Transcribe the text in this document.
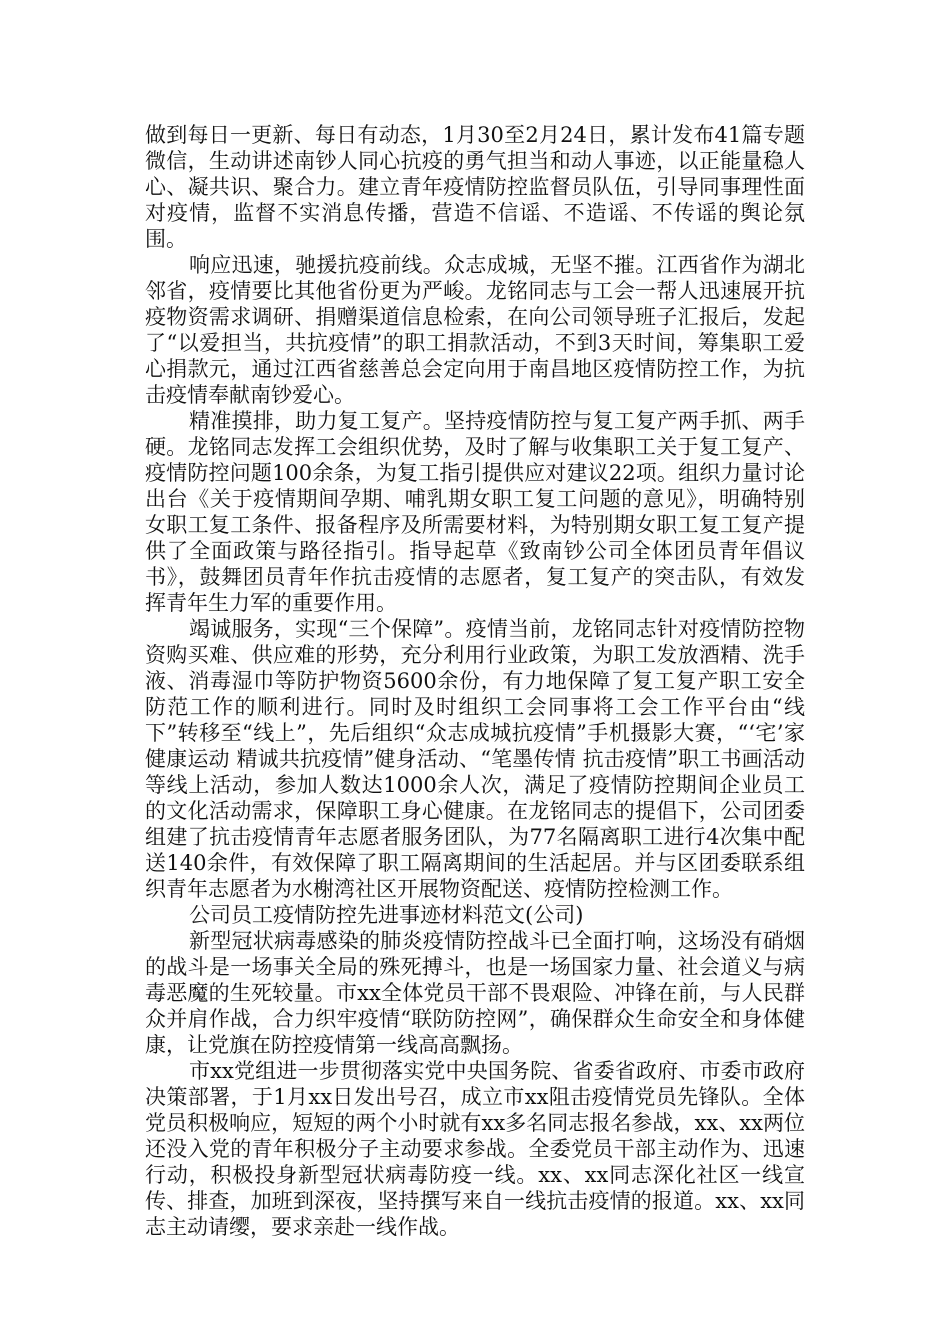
做到每日一更新、每日有动态，1月30至2月24日，累计发布41篇专题微信，生动讲述南钞人同心抗疫的勇气担当和动人事迹，以正能量稳人心、凝共识、聚合力。建立青年疫情防控监督员队伍，引导同事理性面对疫情，监督不实消息传播，营造不信谣、不造谣、不传谣的舆论氛围。

响应迅速，驰援抗疫前线。众志成城，无坚不摧。江西省作为湖北邻省，疫情要比其他省份更为严峻。龙铭同志与工会一帮人迅速展开抗疫物资需求调研、捐赠渠道信息检索，在向公司领导班子汇报后，发起了“以爱担当，共抗疫情”的职工捐款活动，不到3天时间，筹集职工爱心捐款元，通过江西省慈善总会定向用于南昌地区疫情防控工作，为抗击疫情奉献南钞爱心。

精准摸排，助力复工复产。坚持疫情防控与复工复产两手抓、两手硬。龙铭同志发挥工会组织优势，及时了解与收集职工关于复工复产、疫情防控问题100余条，为复工指引提供应对建议22项。组织力量讨论出台《关于疫情期间孕期、哺乳期女职工复工问题的意见》，明确特别女职工复工条件、报备程序及所需要材料，为特别期女职工复工复产提供了全面政策与路径指引。指导起草《致南钞公司全体团员青年倡议书》，鼓舞团员青年作抗击疫情的志愿者，复工复产的突击队，有效发挥青年生力军的重要作用。

竭诚服务，实现“三个保障”。疫情当前，龙铭同志针对疫情防控物资购买难、供应难的形势，充分利用行业政策，为职工发放酒精、洗手液、消毒湿巾等防护物资5600余份，有力地保障了复工复产职工安全防范工作的顺利进行。同时及时组织工会同事将工会工作平台由“线下”转移至“线上”，先后组织“众志成城抗疫情”手机摄影大赛，“‘宅’家健康运动 精诚共抗疫情”健身活动、“笔墨传情 抗击疫情”职工书画活动等线上活动，参加人数达1000余人次，满足了疫情防控期间企业员工的文化活动需求，保障职工身心健康。在龙铭同志的提倡下，公司团委组建了抗击疫情青年志愿者服务团队，为77名隔离职工进行4次集中配送140余件，有效保障了职工隔离期间的生活起居。并与区团委联系组织青年志愿者为水榭湾社区开展物资配送、疫情防控检测工作。

公司员工疫情防控先进事迹材料范文(公司)

新型冠状病毒感染的肺炎疫情防控战斗已全面打响，这场没有硝烟的战斗是一场事关全局的殊死搏斗，也是一场国家力量、社会道义与病毒恶魔的生死较量。市xx全体党员干部不畏艰险、冲锋在前，与人民群众并肩作战，合力织牢疫情“联防防控网”，确保群众生命安全和身体健康，让党旗在防控疫情第一线高高飘扬。

市xx党组进一步贯彻落实党中央国务院、省委省政府、市委市政府决策部署，于1月xx日发出号召，成立市xx阻击疫情党员先锋队。全体党员积极响应，短短的两个小时就有xx多名同志报名参战，xx、xx两位还没入党的青年积极分子主动要求参战。全委党员干部主动作为、迅速行动，积极投身新型冠状病毒防疫一线。xx、xx同志深化社区一线宣传、排查，加班到深夜，坚持撰写来自一线抗击疫情的报道。xx、xx同志主动请缨，要求亲赴一线作战。
